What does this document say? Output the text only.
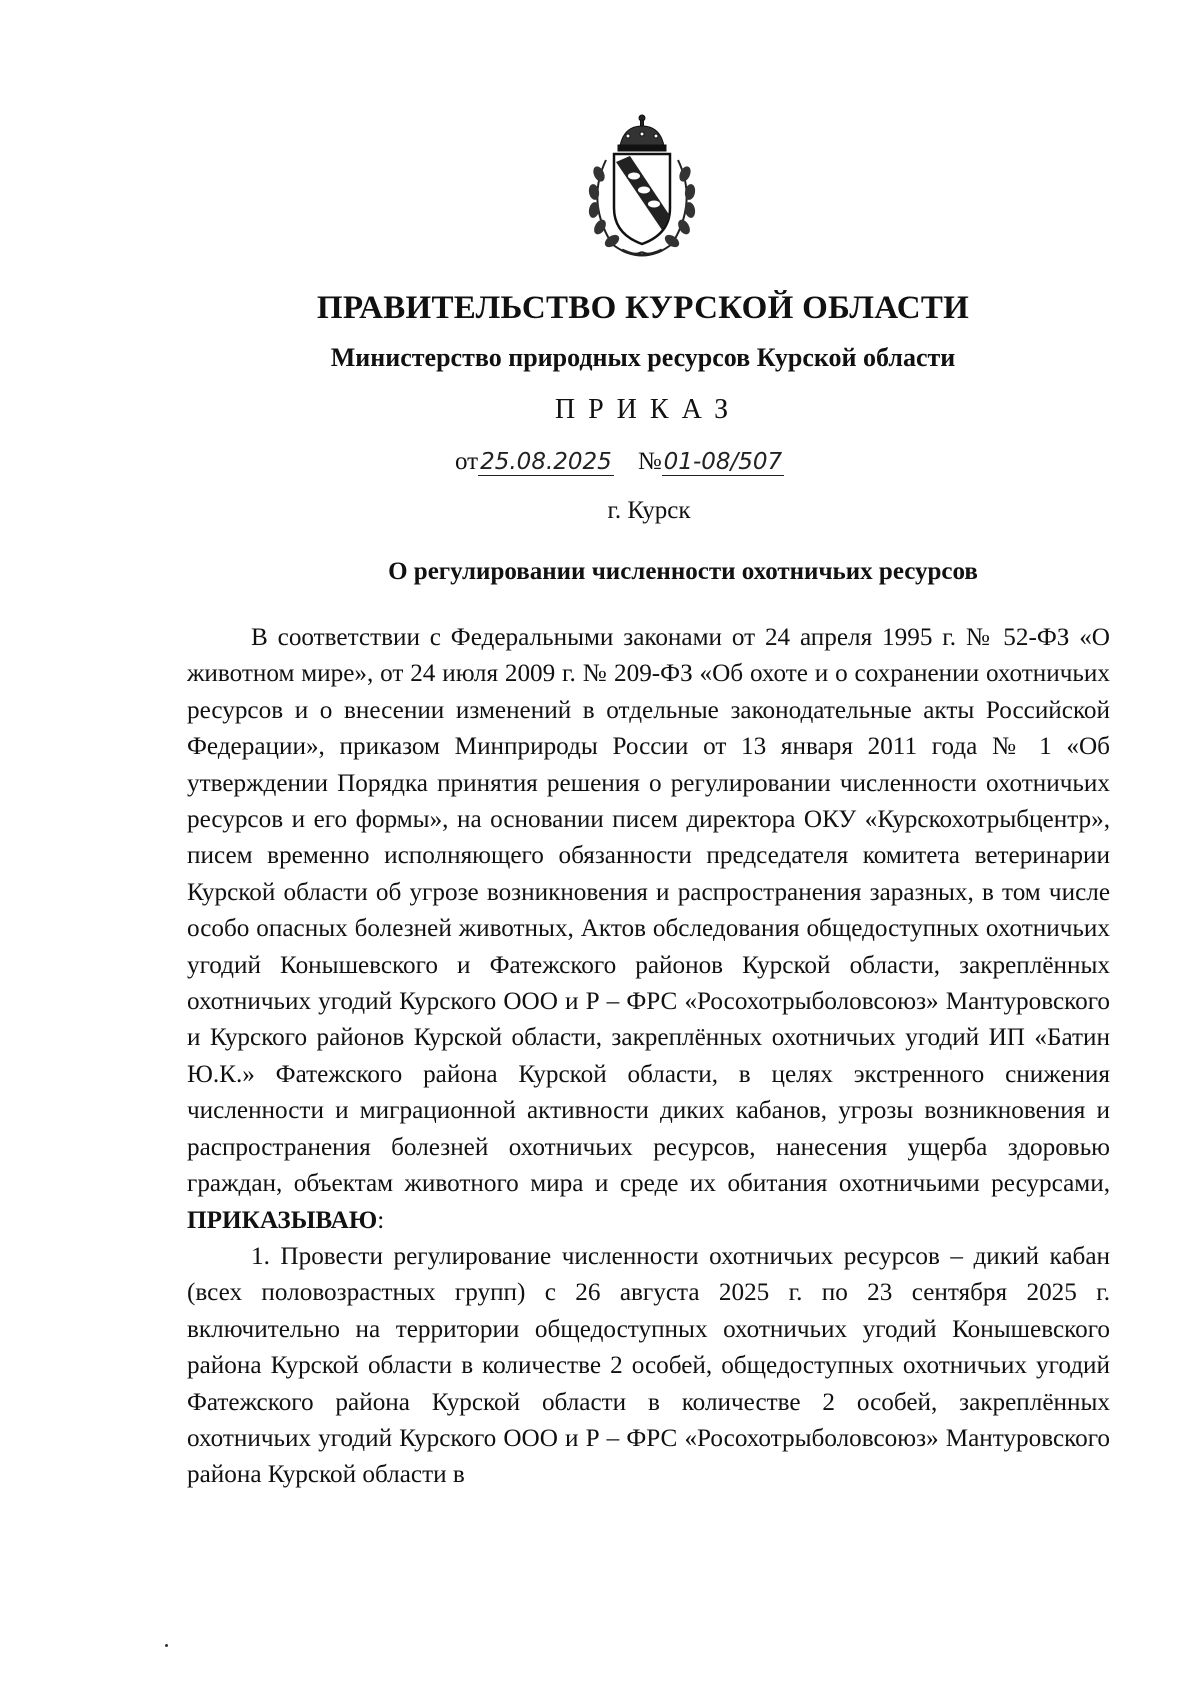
ПРАВИТЕЛЬСТВО КУРСКОЙ ОБЛАСТИ
Министерство природных ресурсов Курской области
ПРИКАЗ
от25.08.2025 №01-08/507
г. Курск
О регулировании численности охотничьих ресурсов

В соответствии с Федеральными законами от 24 апреля 1995 г. № 52-ФЗ «О животном мире», от 24 июля 2009 г. № 209-ФЗ «Об охоте и о сохранении охотничьих ресурсов и о внесении изменений в отдельные законодательные акты Российской Федерации», приказом Минприроды России от 13 января 2011 года № 1 «Об утверждении Порядка принятия решения о регулировании численности охотничьих ресурсов и его формы», на основании писем директора ОКУ «Курскохотрыбцентр», писем временно исполняющего обязанности председателя комитета ветеринарии Курской области об угрозе возникновения и распространения заразных, в том числе особо опасных болезней животных, Актов обследования общедоступных охотничьих угодий Конышевского и Фатежского районов Курской области, закреплённых охотничьих угодий Курского ООО и Р – ФРС «Росохотрыболовсоюз» Мантуровского и Курского районов Курской области, закреплённых охотничьих угодий ИП «Батин Ю.К.» Фатежского района Курской области, в целях экстренного снижения численности и миграционной активности диких кабанов, угрозы возникновения и распространения болезней охотничьих ресурсов, нанесения ущерба здоровью граждан, объектам животного мира и среде их обитания охотничьими ресурсами, ПРИКАЗЫВАЮ:

1. Провести регулирование численности охотничьих ресурсов – дикий кабан (всех половозрастных групп) с 26 августа 2025 г. по 23 сентября 2025 г. включительно на территории общедоступных охотничьих угодий Конышевского района Курской области в количестве 2 особей, общедоступных охотничьих угодий Фатежского района Курской области в количестве 2 особей, закреплённых охотничьих угодий Курского ООО и Р – ФРС «Росохотрыболовсоюз» Мантуровского района Курской области в
